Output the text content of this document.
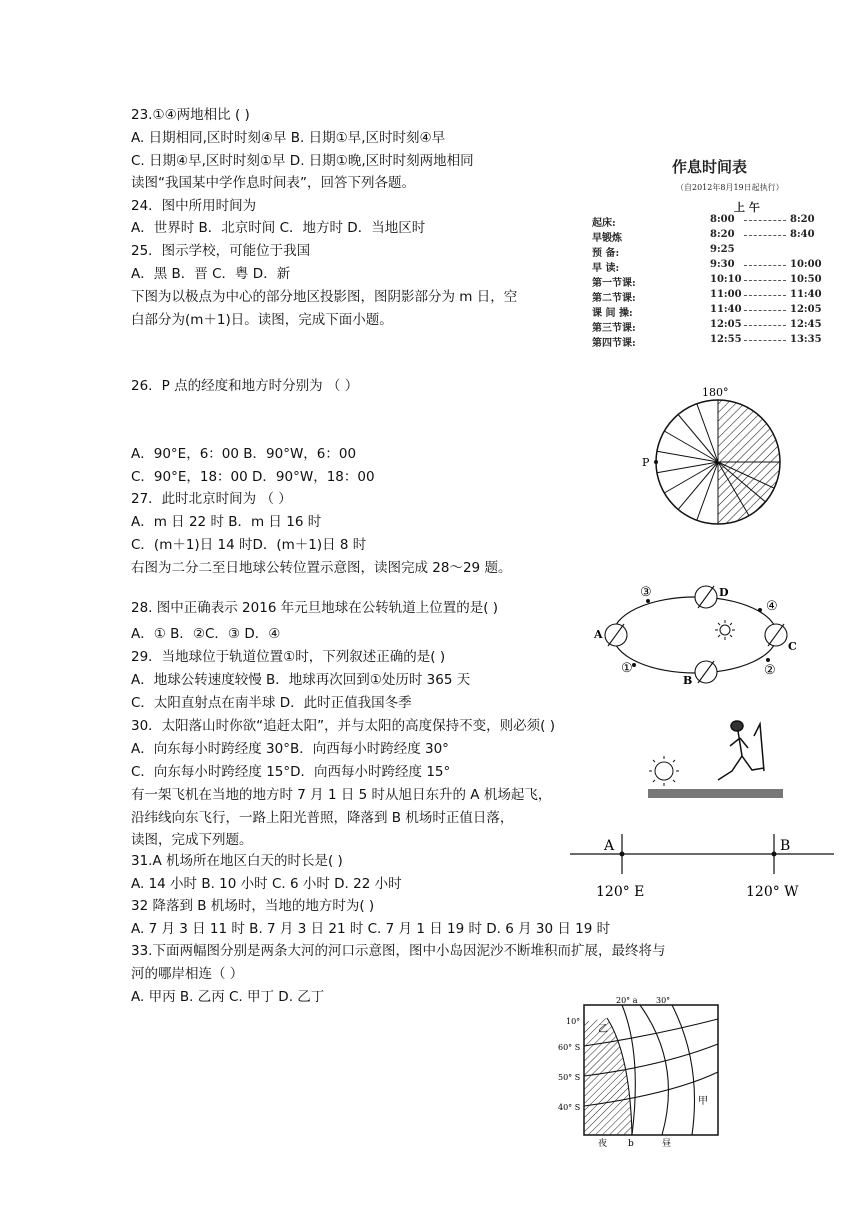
23.①④两地相比 ( )
A. 日期相同,区时时刻④早 B. 日期①早,区时时刻④早
C. 日期④早,区时时刻①早 D. 日期①晚,区时时刻两地相同
读图“我国某中学作息时间表”，回答下列各题。
24．图中所用时间为
A．世界时 B．北京时间 C．地方时 D．当地区时
25．图示学校，可能位于我国
A．黑 B．晋 C．粤 D．新
下图为以极点为中心的部分地区投影图，图阴影部分为 m 日，空
白部分为(m＋1)日。读图，完成下面小题。
26．P 点的经度和地方时分别为 （ ）
A．90°E，6：00 B．90°W，6：00
C．90°E，18：00 D．90°W，18：00
27．此时北京时间为 （ ）
A．m 日 22 时 B．m 日 16 时
C．(m＋1)日 14 时D．(m＋1)日 8 时
右图为二分二至日地球公转位置示意图，读图完成 28～29 题。
28. 图中正确表示 2016 年元旦地球在公转轨道上位置的是( )
A．① B．②C．③ D．④
29．当地球位于轨道位置①时，下列叙述正确的是( )
A．地球公转速度较慢 B．地球再次回到①处历时 365 天
C．太阳直射点在南半球 D．此时正值我国冬季
30．太阳落山时你欲“追赶太阳”，并与太阳的高度保持不变，则必须( )
A．向东每小时跨经度 30°B．向西每小时跨经度 30°
C．向东每小时跨经度 15°D．向西每小时跨经度 15°
有一架飞机在当地的地方时 7 月 1 日 5 时从旭日东升的 A 机场起飞，
沿纬线向东飞行，一路上阳光普照，降落到 B 机场时正值日落，
读图，完成下列题。
31.A 机场所在地区白天的时长是( )
A. 14 小时 B. 10 小时 C. 6 小时 D. 22 小时
32 降落到 B 机场时，当地的地方时为( )
A. 7 月 3 日 11 时 B. 7 月 3 日 21 时 C. 7 月 1 日 19 时 D. 6 月 30 日 19 时
33.下面两幅图分别是两条大河的河口示意图，图中小岛因泥沙不断堆积而扩展，最终将与
河的哪岸相连（ ）
A. 甲丙 B. 乙丙 C. 甲丁 D. 乙丁
作息时间表
（自2012年8月19日起执行）
上 午
起床:	8:00	8:20
早锻炼	8:20	8:40
预 备:	9:25
早 读:	9:30	10:00
第一节课:	10:10	10:50
第二节课:	11:00	11:40
课 间 操:	11:40	12:05
第三节课:	12:05	12:45
第四节课:	12:55	13:35
180°
P
A
D
C
B
③
④
①	②
A	B
120° E	120° W
20° a 30°
10°
60° S
50° S
40° S
乙
甲
夜 b	昼
